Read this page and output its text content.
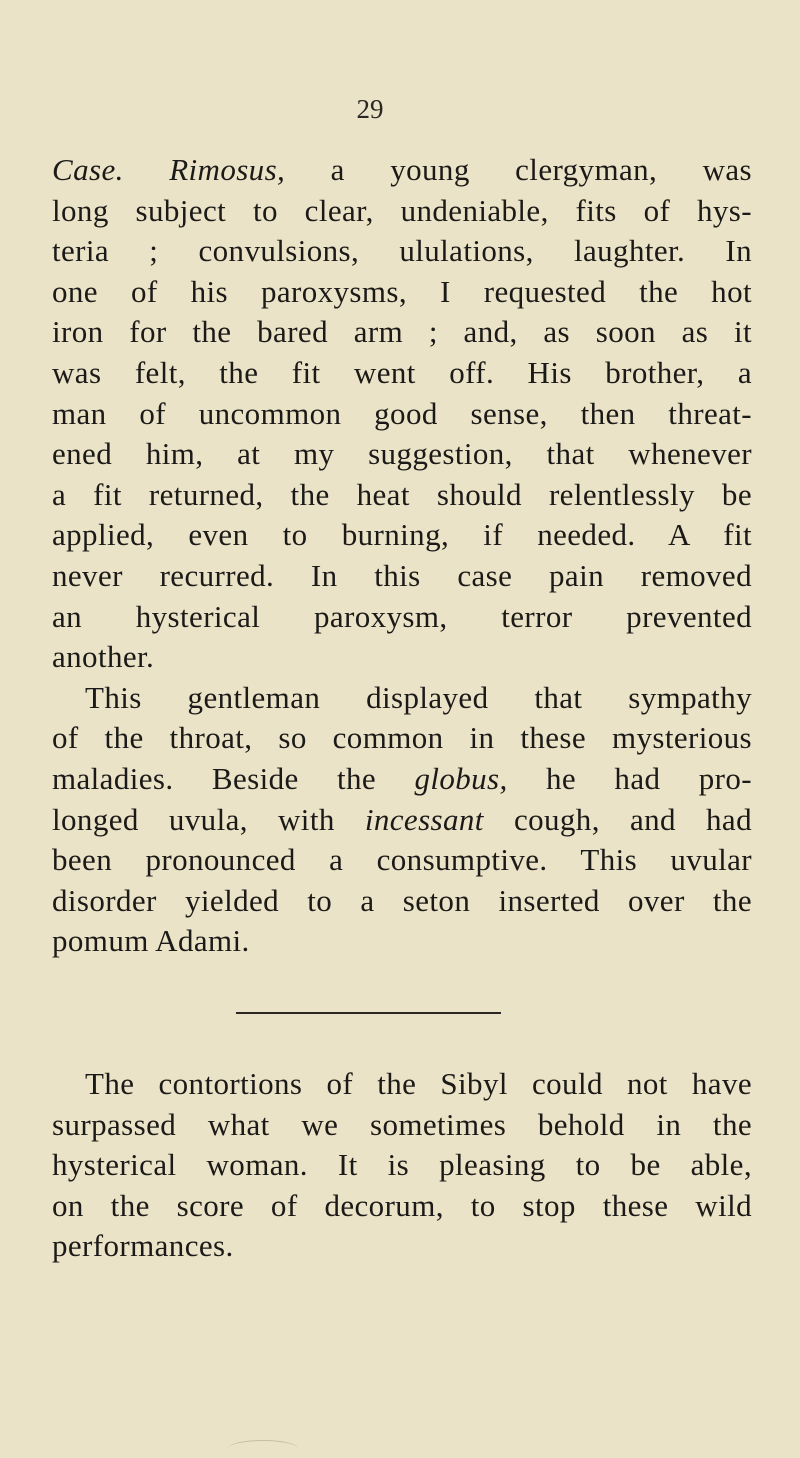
29
Case. Rimosus, a young clergyman, was
long subject to clear, undeniable, fits of hys-
teria ; convulsions, ululations, laughter. In
one of his paroxysms, I requested the hot
iron for the bared arm ; and, as soon as it
was felt, the fit went off. His brother, a
man of uncommon good sense, then threat-
ened him, at my suggestion, that whenever
a fit returned, the heat should relentlessly be
applied, even to burning, if needed. A fit
never recurred. In this case pain removed
an hysterical paroxysm, terror prevented
another.
This gentleman displayed that sympathy
of the throat, so common in these mysterious
maladies. Beside the globus, he had pro-
longed uvula, with incessant cough, and had
been pronounced a consumptive. This uvular
disorder yielded to a seton inserted over the
pomum Adami.
The contortions of the Sibyl could not have
surpassed what we sometimes behold in the
hysterical woman. It is pleasing to be able,
on the score of decorum, to stop these wild
performances.
